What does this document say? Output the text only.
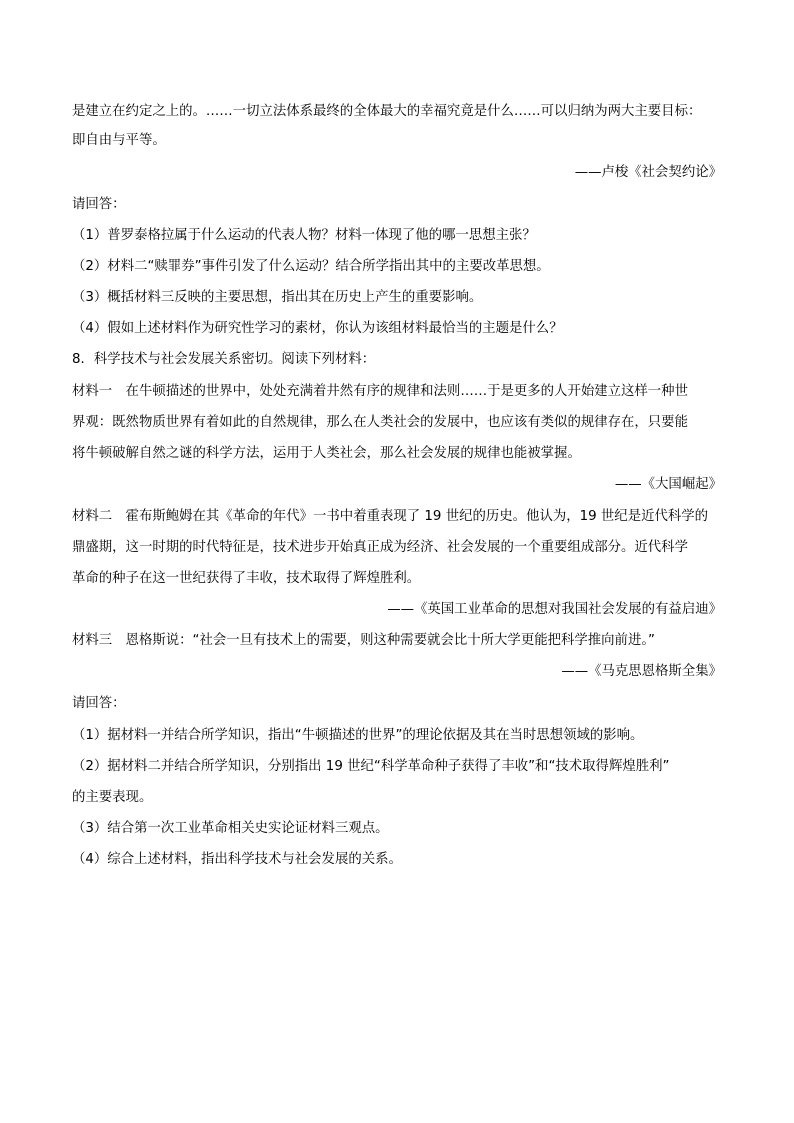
是建立在约定之上的。……一切立法体系最终的全体最大的幸福究竟是什么……可以归纳为两大主要目标：
即自由与平等。
——卢梭《社会契约论》
请回答：
（1）普罗泰格拉属于什么运动的代表人物？材料一体现了他的哪一思想主张？
（2）材料二“赎罪券”事件引发了什么运动？结合所学指出其中的主要改革思想。
（3）概括材料三反映的主要思想，指出其在历史上产生的重要影响。
（4）假如上述材料作为研究性学习的素材，你认为该组材料最恰当的主题是什么？
8．科学技术与社会发展关系密切。阅读下列材料：
材料一　在牛顿描述的世界中，处处充满着井然有序的规律和法则……于是更多的人开始建立这样一种世
界观：既然物质世界有着如此的自然规律，那么在人类社会的发展中，也应该有类似的规律存在，只要能
将牛顿破解自然之谜的科学方法，运用于人类社会，那么社会发展的规律也能被掌握。
——《大国崛起》
材料二　霍布斯鲍姆在其《革命的年代》一书中着重表现了 19 世纪的历史。他认为，19 世纪是近代科学的
鼎盛期，这一时期的时代特征是，技术进步开始真正成为经济、社会发展的一个重要组成部分。近代科学
革命的种子在这一世纪获得了丰收，技术取得了辉煌胜利。
——《英国工业革命的思想对我国社会发展的有益启迪》
材料三　恩格斯说：“社会一旦有技术上的需要，则这种需要就会比十所大学更能把科学推向前进。”
——《马克思恩格斯全集》
请回答：
（1）据材料一并结合所学知识，指出“牛顿描述的世界”的理论依据及其在当时思想领域的影响。
（2）据材料二并结合所学知识，分别指出 19 世纪“科学革命种子获得了丰收”和“技术取得辉煌胜利”
的主要表现。
（3）结合第一次工业革命相关史实论证材料三观点。
（4）综合上述材料，指出科学技术与社会发展的关系。
